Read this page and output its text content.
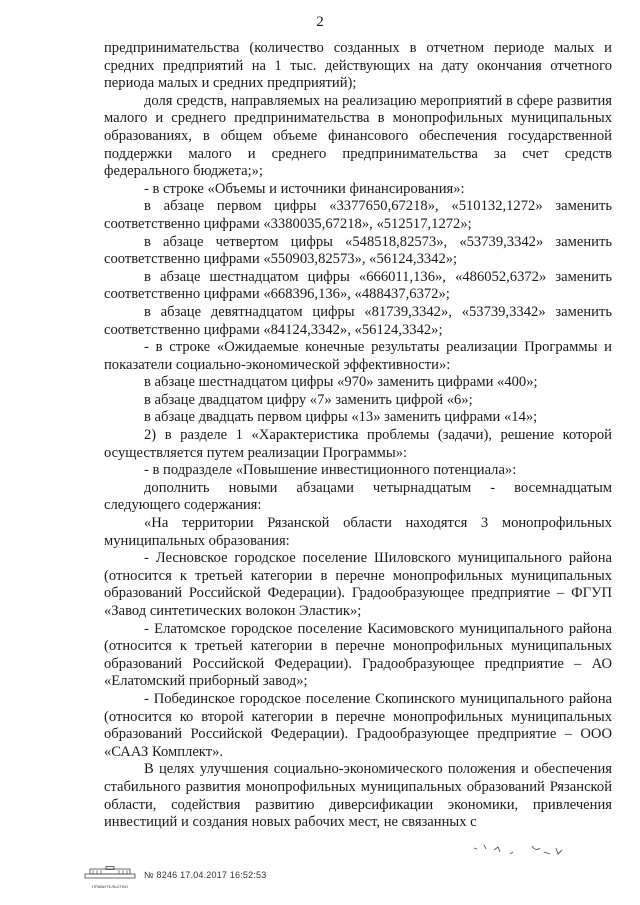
2

предпринимательства (количество созданных в отчетном периоде малых и средних предприятий на 1 тыс. действующих на дату окончания отчетного периода малых и средних предприятий);

доля средств, направляемых на реализацию мероприятий в сфере развития малого и среднего предпринимательства в монопрофильных муниципальных образованиях, в общем объеме финансового обеспечения государственной поддержки малого и среднего предпринимательства за счет средств федерального бюджета;»;

- в строке «Объемы и источники финансирования»:

в абзаце первом цифры «3377650,67218», «510132,1272» заменить соответственно цифрами «3380035,67218», «512517,1272»;

в абзаце четвертом цифры «548518,82573», «53739,3342» заменить соответственно цифрами «550903,82573», «56124,3342»;

в абзаце шестнадцатом цифры «666011,136», «486052,6372» заменить соответственно цифрами «668396,136», «488437,6372»;

в абзаце девятнадцатом цифры «81739,3342», «53739,3342» заменить соответственно цифрами «84124,3342», «56124,3342»;

- в строке «Ожидаемые конечные результаты реализации Программы и показатели социально-экономической эффективности»:

в абзаце шестнадцатом цифры «970» заменить цифрами «400»;

в абзаце двадцатом цифру «7» заменить цифрой «6»;

в абзаце двадцать первом цифры «13» заменить цифрами «14»;

2) в разделе 1 «Характеристика проблемы (задачи), решение которой осуществляется путем реализации Программы»:

- в подразделе «Повышение инвестиционного потенциала»:

дополнить новыми абзацами четырнадцатым - восемнадцатым следующего содержания:

«На территории Рязанской области находятся 3 монопрофильных муниципальных образования:

- Лесновское городское поселение Шиловского муниципального района (относится к третьей категории в перечне монопрофильных муниципальных образований Российской Федерации). Градообразующее предприятие – ФГУП «Завод синтетических волокон Эластик»;

- Елатомское городское поселение Касимовского муниципального района (относится к третьей категории в перечне монопрофильных муниципальных образований Российской Федерации). Градообразующее предприятие – АО «Елатомский приборный завод»;

- Побединское городское поселение Скопинского муниципального района (относится ко второй категории в перечне монопрофильных муниципальных образований Российской Федерации). Градообразующее предприятие – ООО «СААЗ Комплект».

В целях улучшения социально-экономического положения и обеспечения стабильного развития монопрофильных муниципальных образований Рязанской области, содействия развитию диверсификации экономики, привлечения инвестиций и создания новых рабочих мест, не связанных с

ПРАВИТЕЛЬСТВО
№ 8246 17.04.2017 16:52:53
